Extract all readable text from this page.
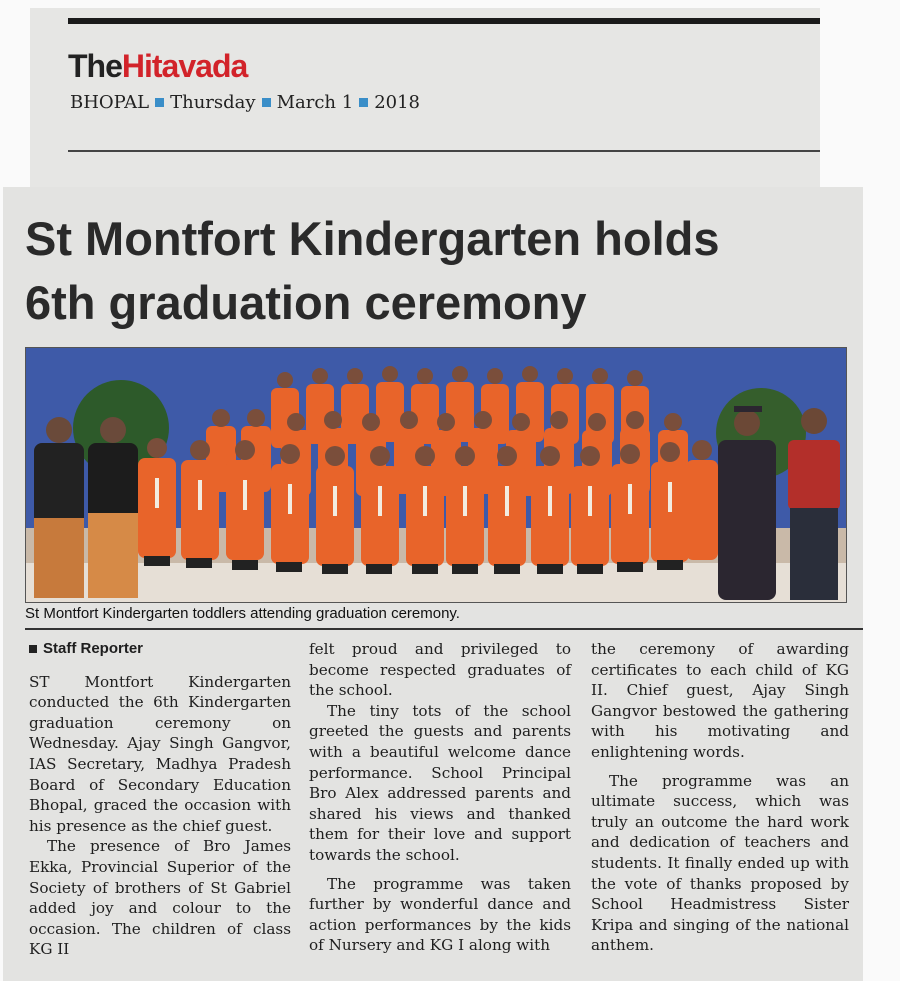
TheHitavada
BHOPAL Thursday March 1 2018
St Montfort Kindergarten holds
6th graduation ceremony
St Montfort Kindergarten toddlers attending graduation ceremony.

Staff Reporter

ST Montfort Kindergarten conducted the 6th Kindergarten graduation ceremony on Wednesday. Ajay Singh Gangvor, IAS Secretary, Madhya Pradesh Board of Secondary Education Bhopal, graced the occasion with his presence as the chief guest.

The presence of Bro James Ekka, Provincial Superior of the Society of brothers of St Gabriel added joy and colour to the occasion. The children of class KG II

felt proud and privileged to become respected graduates of the school.

The tiny tots of the school greeted the guests and parents with a beautiful welcome dance performance. School Principal Bro Alex addressed parents and shared his views and thanked them for their love and support towards the school.

The programme was taken further by wonderful dance and action performances by the kids of Nursery and KG I along with

the ceremony of awarding certificates to each child of KG II. Chief guest, Ajay Singh Gangvor bestowed the gathering with his motivating and enlightening words.

The programme was an ultimate success, which was truly an outcome the hard work and dedication of teachers and students. It finally ended up with the vote of thanks proposed by School Headmistress Sister Kripa and singing of the national anthem.
